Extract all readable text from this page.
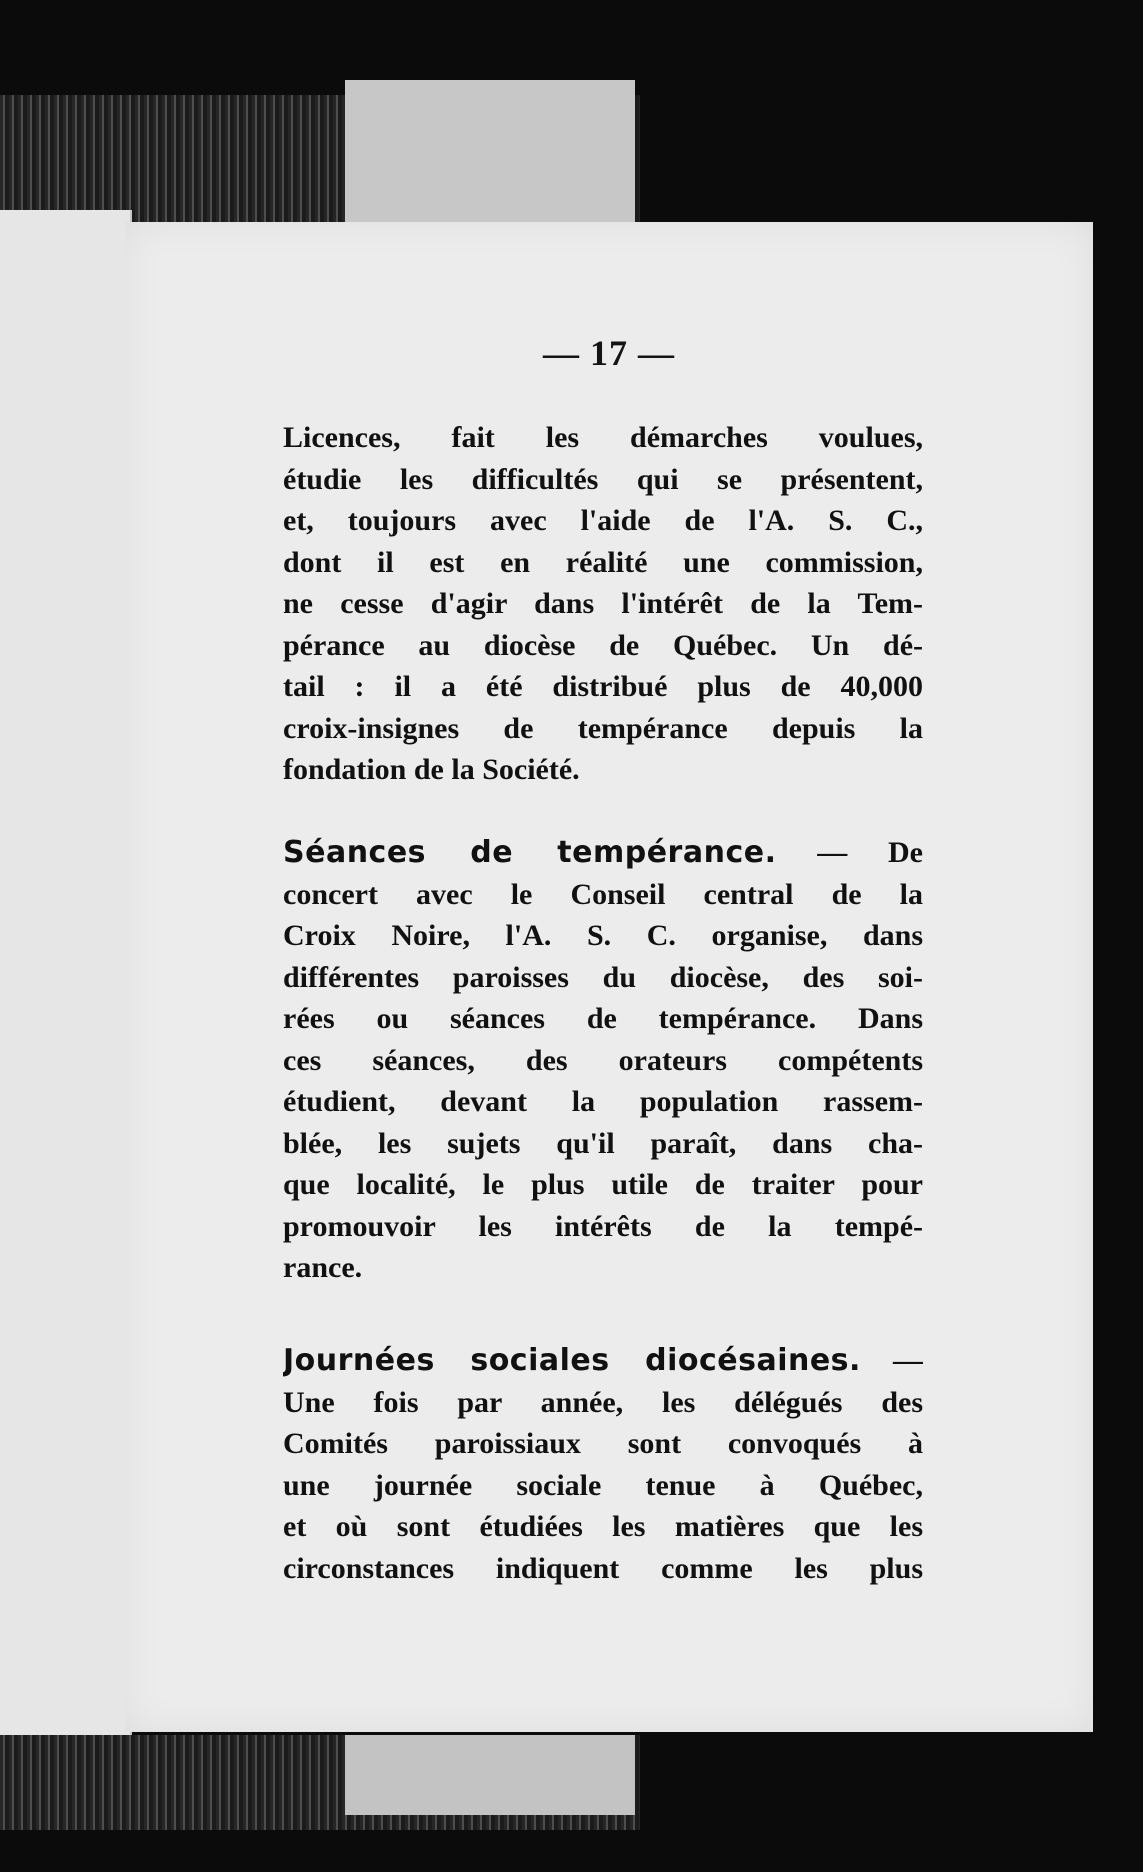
— 17 —
Licences, fait les démarches voulues,
étudie les difficultés qui se présentent,
et, toujours avec l'aide de l'A. S. C.,
dont il est en réalité une commission,
ne cesse d'agir dans l'intérêt de la Tem-
pérance au diocèse de Québec. Un dé-
tail : il a été distribué plus de 40,000
croix-insignes de tempérance depuis la
fondation de la Société.
Séances de tempérance. — De
concert avec le Conseil central de la
Croix Noire, l'A. S. C. organise, dans
différentes paroisses du diocèse, des soi-
rées ou séances de tempérance. Dans
ces séances, des orateurs compétents
étudient, devant la population rassem-
blée, les sujets qu'il paraît, dans cha-
que localité, le plus utile de traiter pour
promouvoir les intérêts de la tempé-
rance.
Journées sociales diocésaines. —
Une fois par année, les délégués des
Comités paroissiaux sont convoqués à
une journée sociale tenue à Québec,
et où sont étudiées les matières que les
circonstances indiquent comme les plus
